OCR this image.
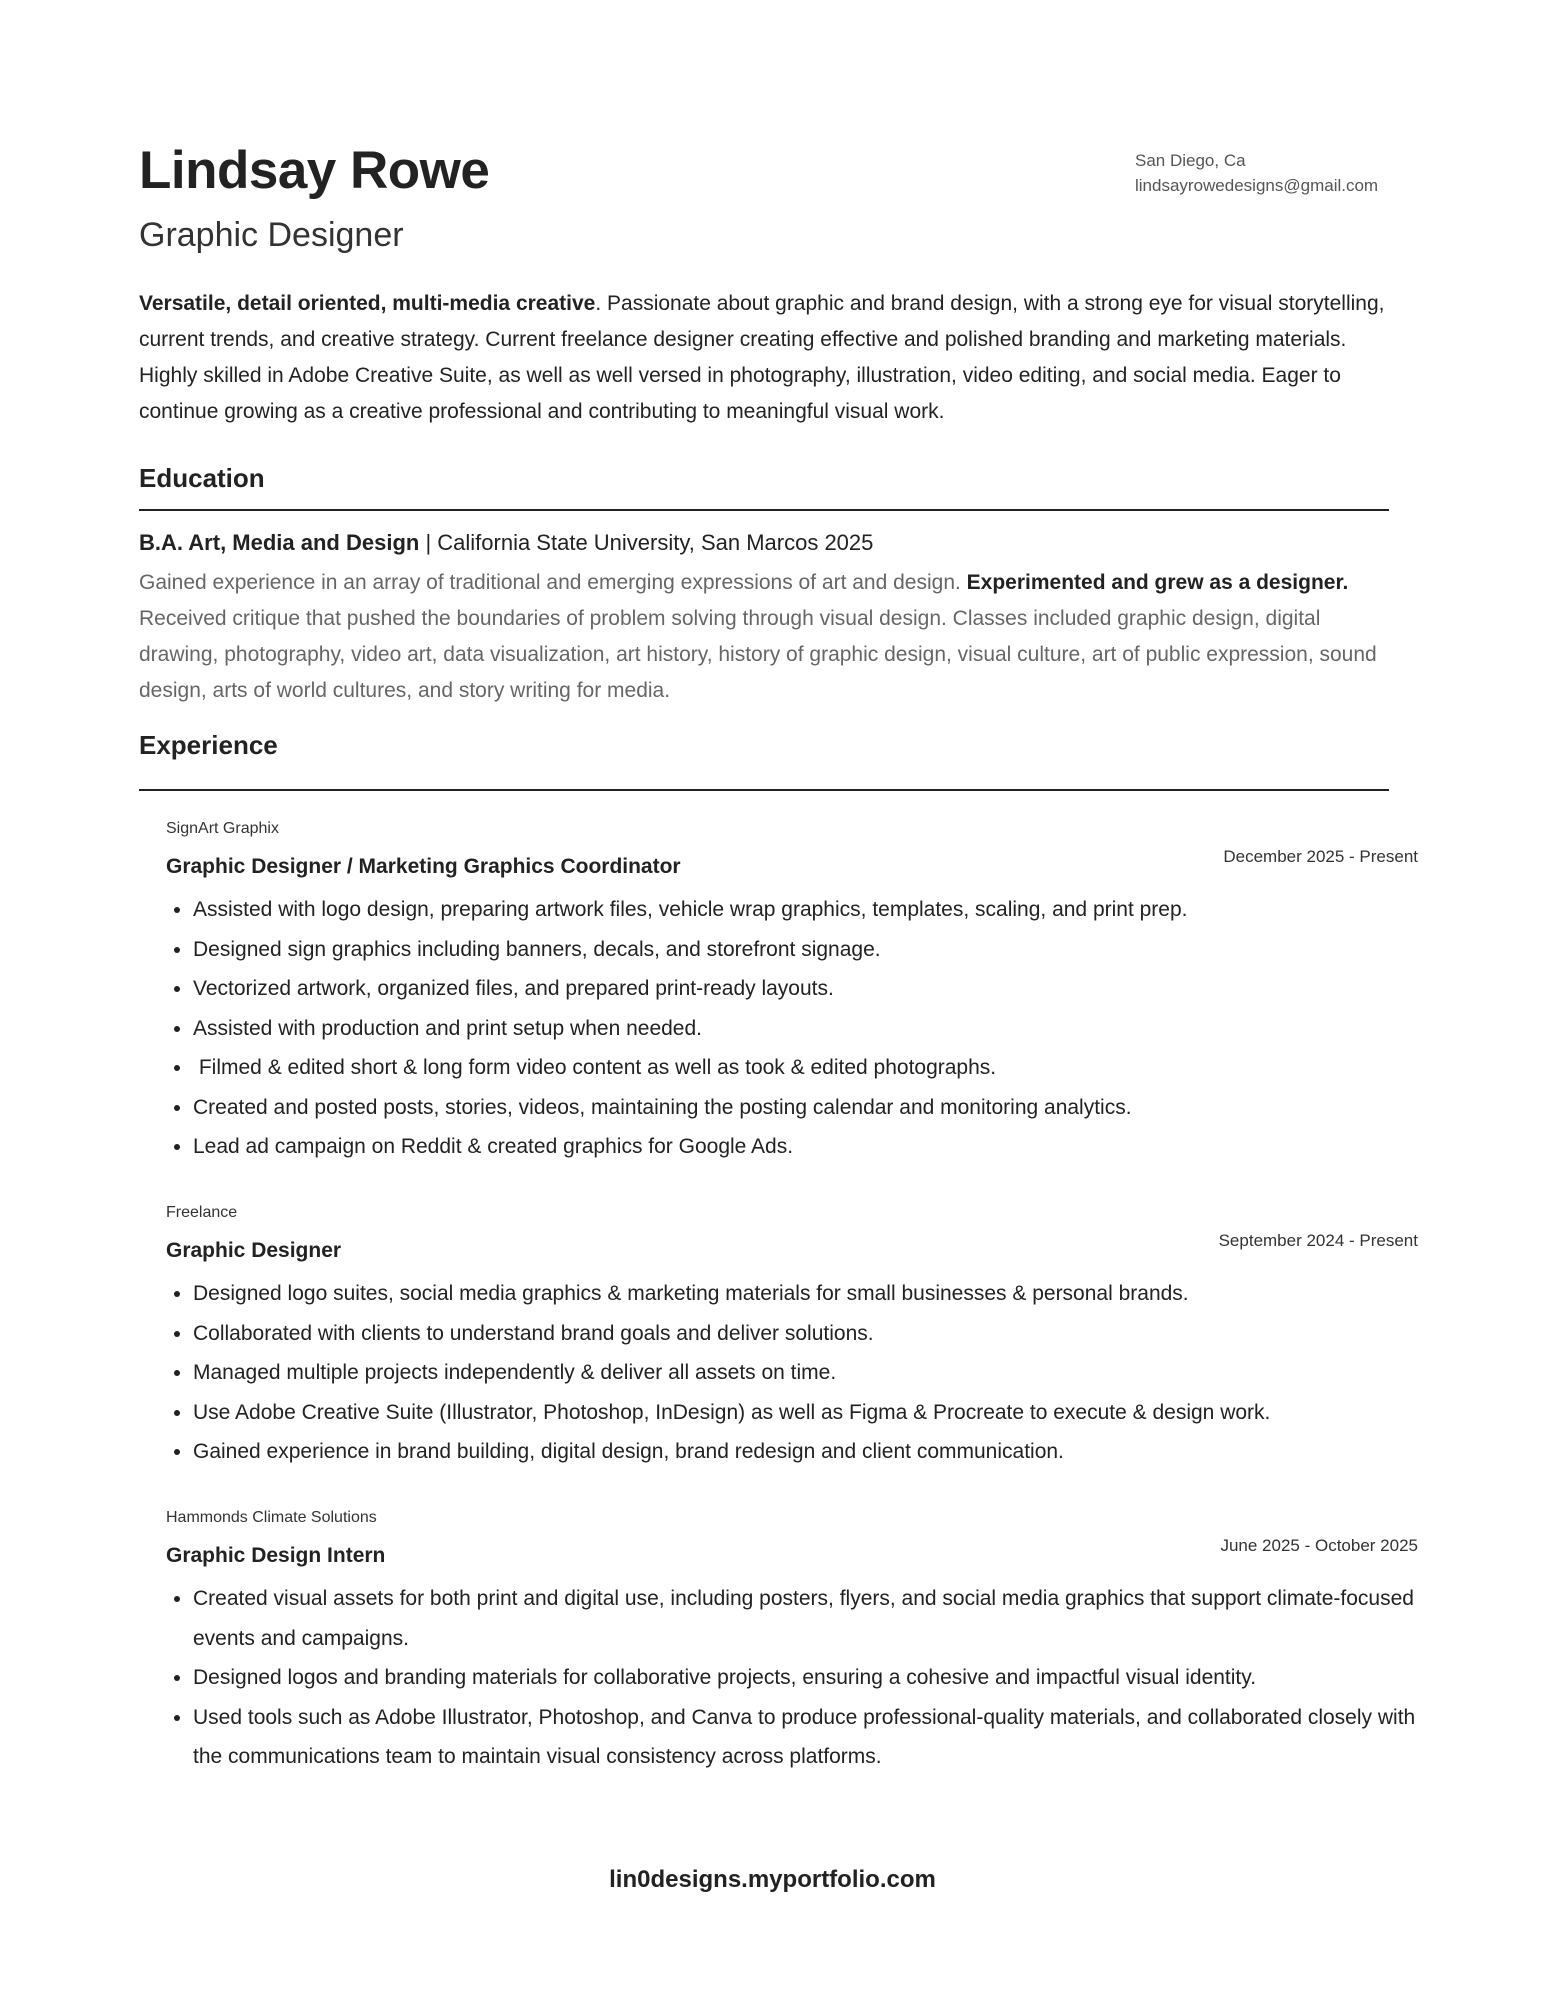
Lindsay Rowe
Graphic Designer
San Diego, Ca
lindsayrowedesigns@gmail.com
Versatile, detail oriented, multi-media creative. Passionate about graphic and brand design, with a strong eye for visual storytelling, current trends, and creative strategy. Current freelance designer creating effective and polished branding and marketing materials. Highly skilled in Adobe Creative Suite, as well as well versed in photography, illustration, video editing, and social media. Eager to continue growing as a creative professional and contributing to meaningful visual work.
Education
B.A. Art, Media and Design | California State University, San Marcos 2025
Gained experience in an array of traditional and emerging expressions of art and design. Experimented and grew as a designer.  Received critique that pushed the boundaries of problem solving through visual design. Classes included graphic design, digital drawing, photography, video art, data visualization, art history, history of graphic design, visual culture, art of public expression, sound design, arts of world cultures, and story writing for media.
Experience
SignArt Graphix
Graphic Designer / Marketing Graphics Coordinator	December 2025 - Present
• Assisted with logo design, preparing artwork files, vehicle wrap graphics, templates, scaling, and print prep.
• Designed sign graphics including banners, decals, and storefront signage.
• Vectorized artwork, organized files, and prepared print-ready layouts.
• Assisted with production and print setup when needed.
•  Filmed & edited short & long form video content as well as took & edited photographs.
• Created and posted posts, stories, videos, maintaining the posting calendar and monitoring analytics.
• Lead ad campaign on Reddit & created graphics for Google Ads.
Freelance
Graphic Designer	September 2024 - Present
• Designed logo suites, social media graphics & marketing materials for small businesses & personal brands.
• Collaborated with clients to understand brand goals and deliver solutions.
• Managed multiple projects independently & deliver all assets on time.
• Use Adobe Creative Suite (Illustrator, Photoshop, InDesign) as well as Figma & Procreate to execute & design work.
• Gained experience in brand building, digital design, brand redesign and client communication.
Hammonds Climate Solutions
Graphic Design Intern	June 2025 - October 2025
• Created visual assets for both print and digital use, including posters, flyers, and social media graphics that support climate-focused events and campaigns.
• Designed logos and branding materials for collaborative projects, ensuring a cohesive and impactful visual identity.
• Used tools such as Adobe Illustrator, Photoshop, and Canva to produce professional-quality materials, and collaborated closely with the communications team to maintain visual consistency across platforms.
lin0designs.myportfolio.com
